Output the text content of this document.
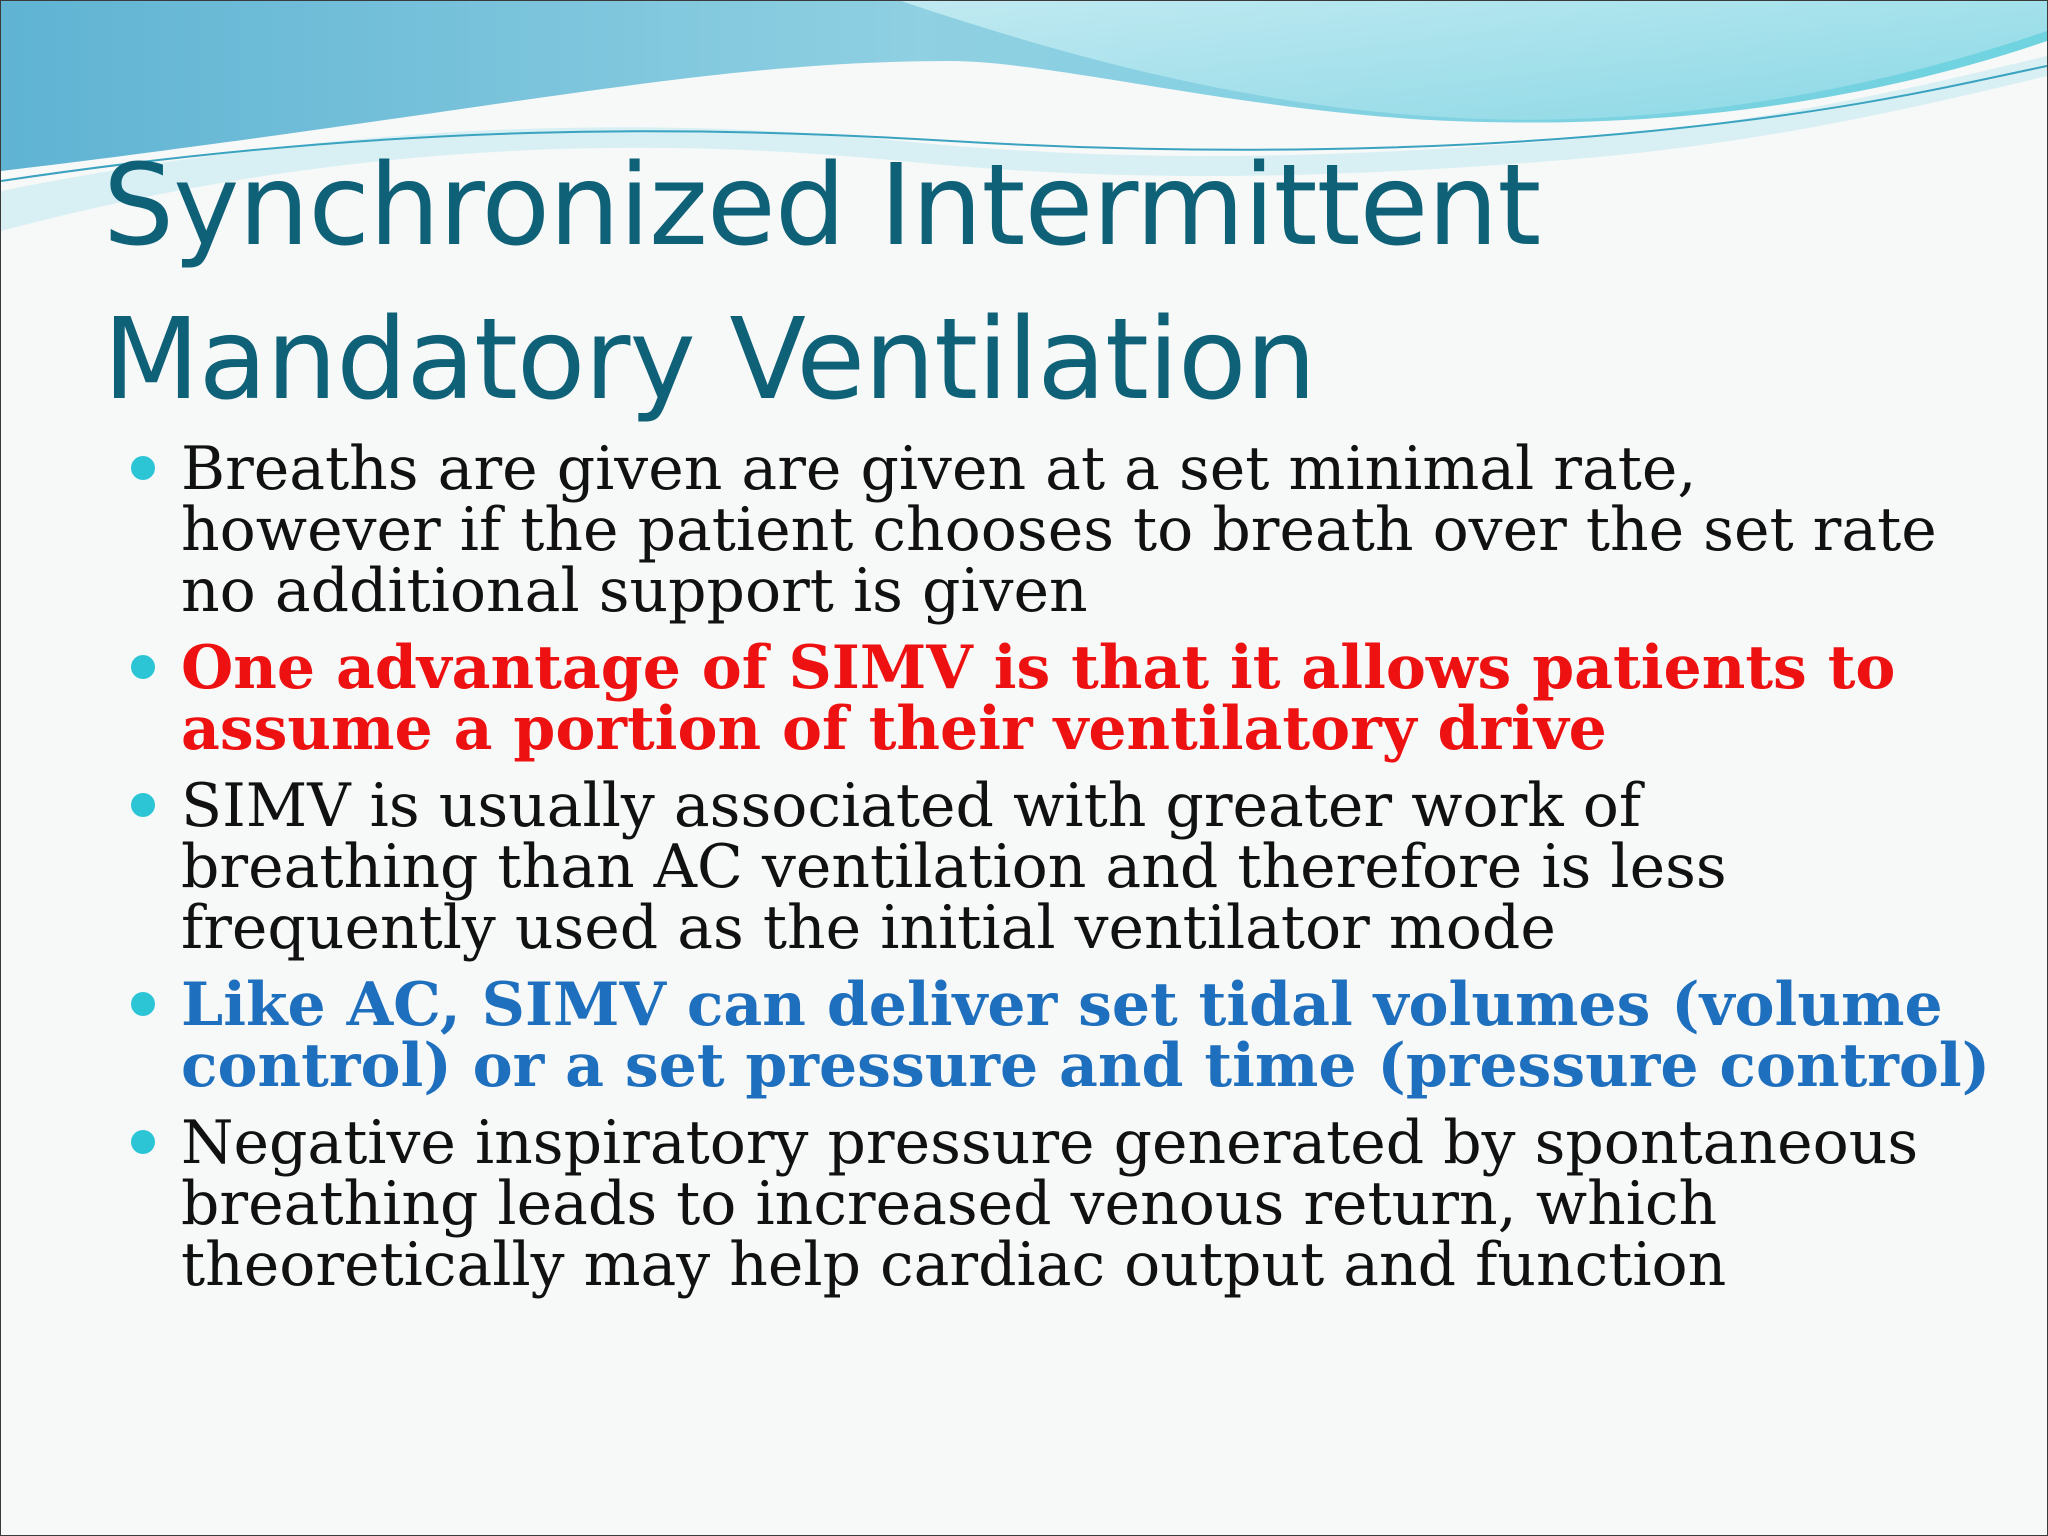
Synchronized Intermittent
Mandatory Ventilation
Breaths are given are given at a set minimal rate,
however if the patient chooses to breath over the set rate
no additional support is given
One advantage of SIMV is that it allows patients to
assume a portion of their ventilatory drive
SIMV is usually associated with greater work of
breathing than AC ventilation and therefore is less
frequently used as the initial ventilator mode
Like AC, SIMV can deliver set tidal volumes (volume
control) or a set pressure and time (pressure control)
Negative inspiratory pressure generated by spontaneous
breathing leads to increased venous return, which
theoretically may help cardiac output and function
